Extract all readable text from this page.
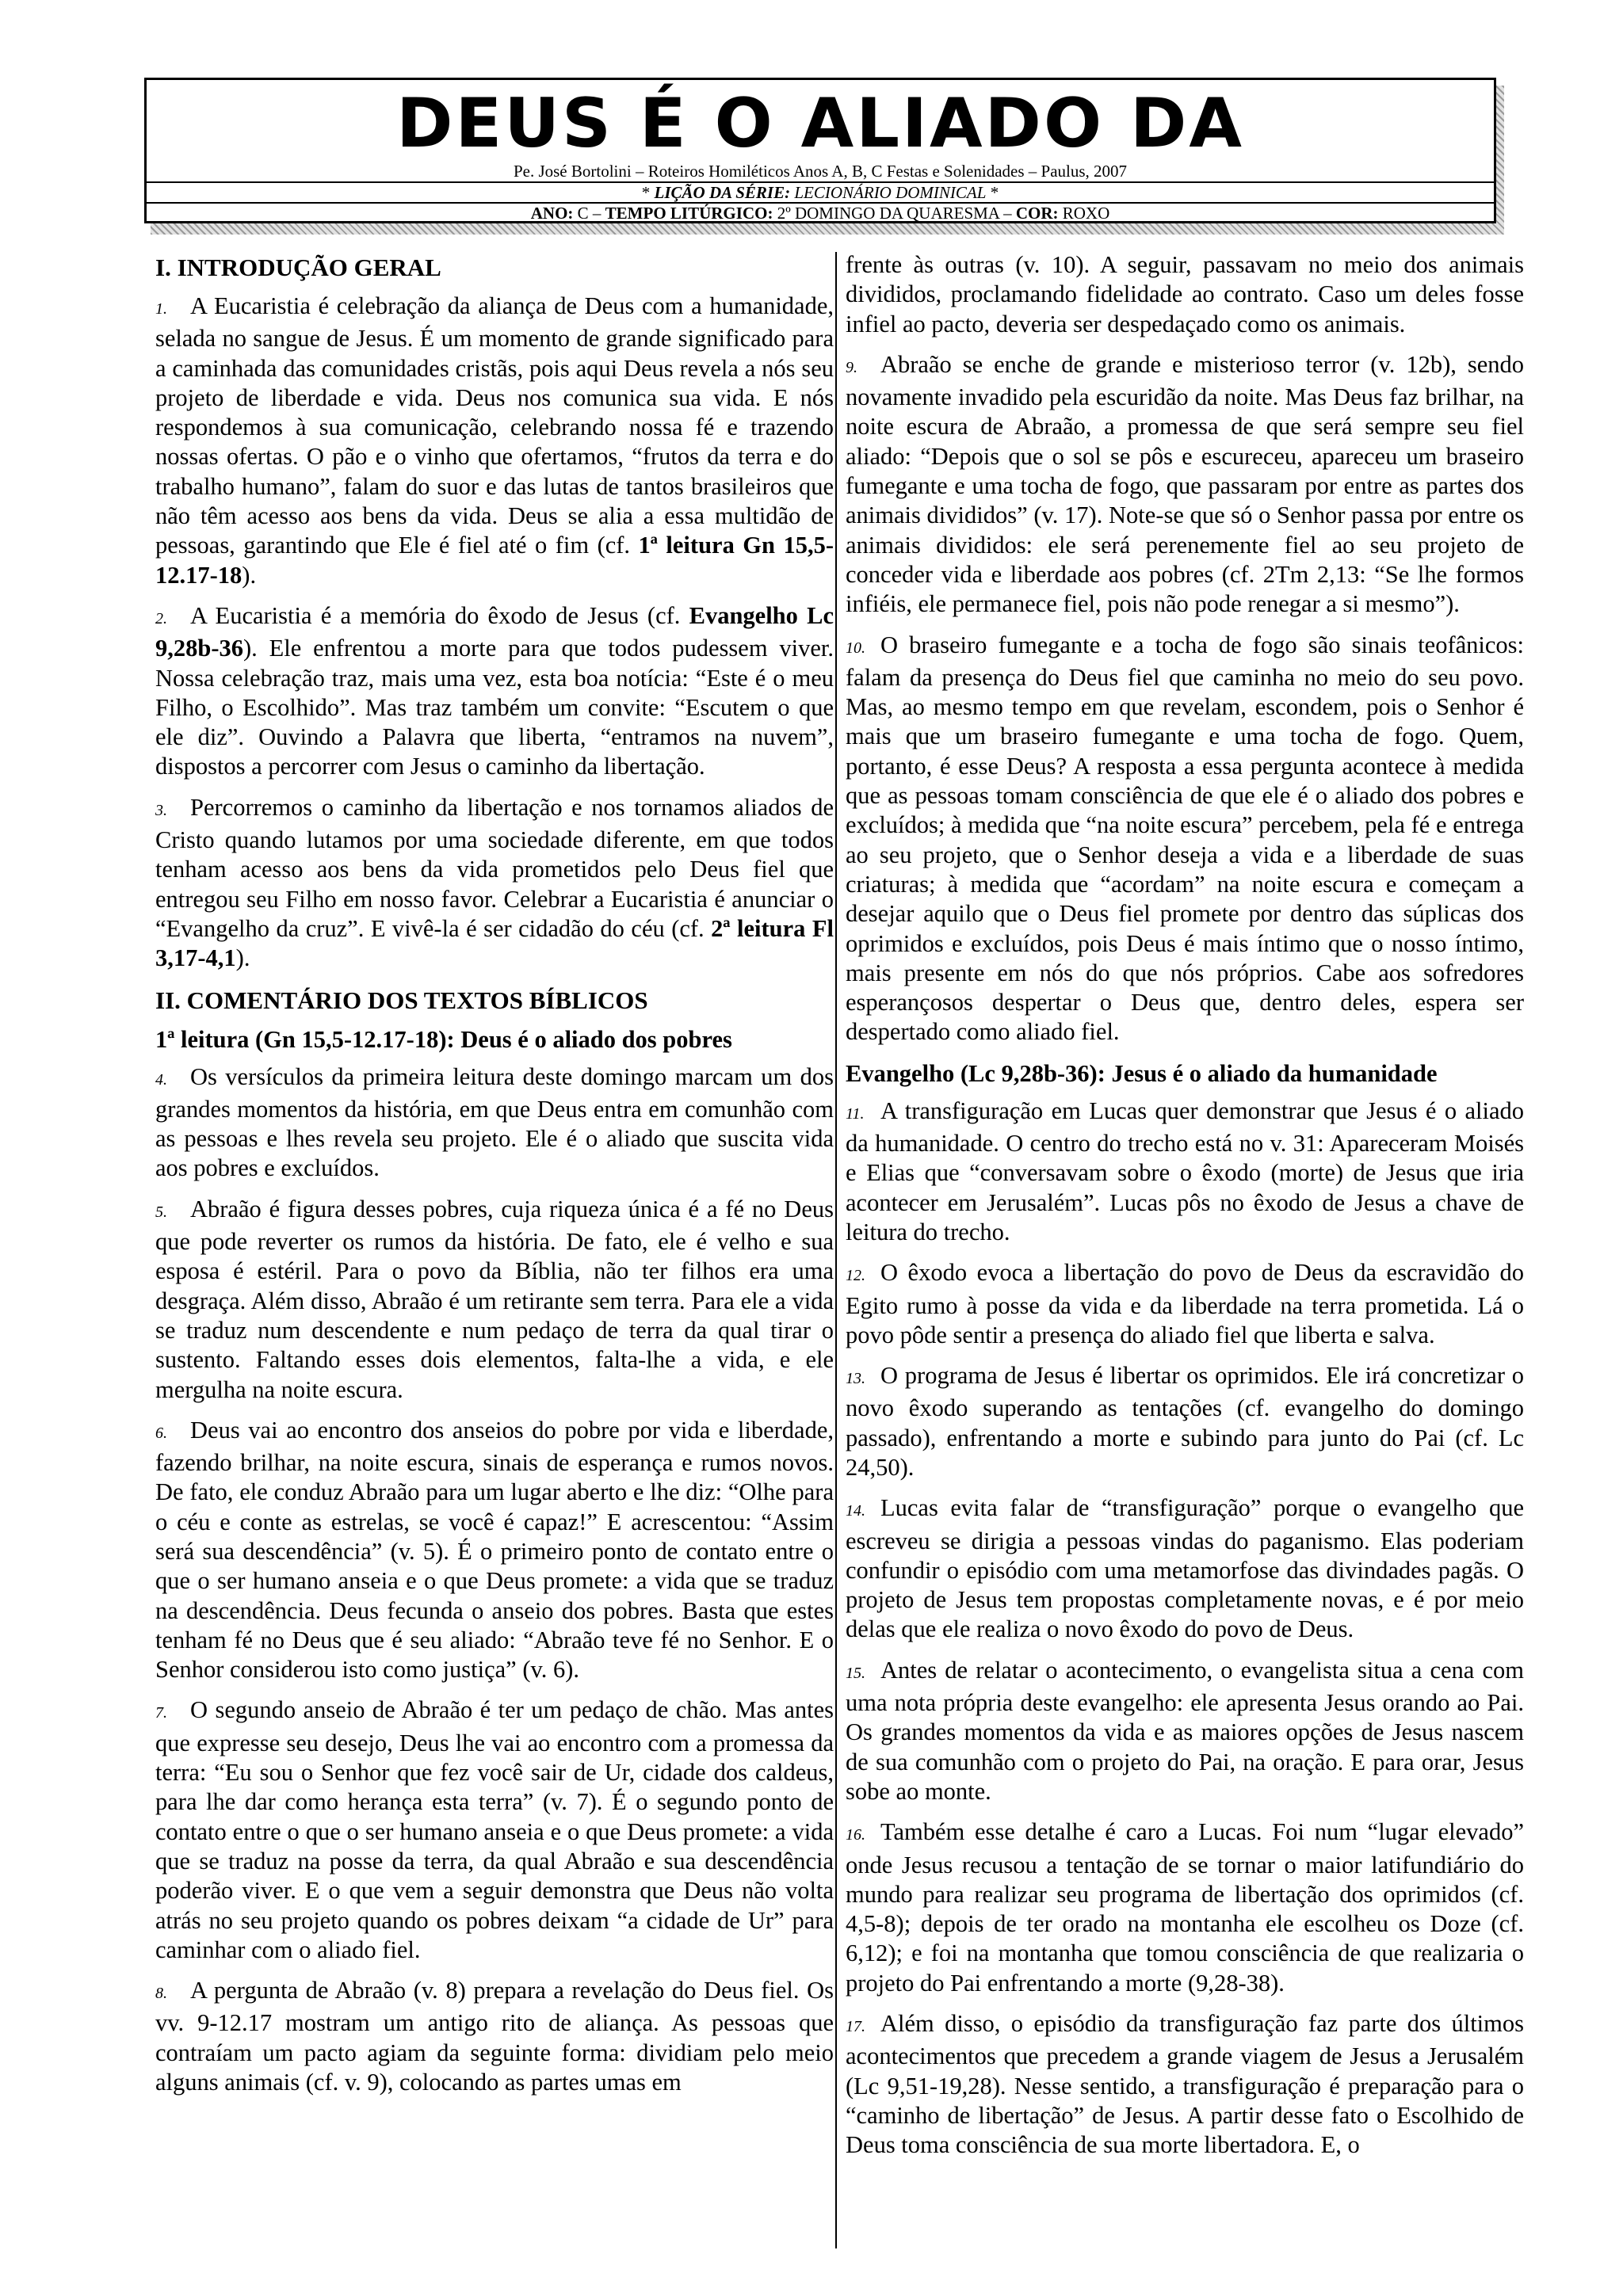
DEUS É O ALIADO DA
Pe. José Bortolini – Roteiros Homiléticos Anos A, B, C Festas e Solenidades – Paulus, 2007
* LIÇÃO DA SÉRIE: LECIONÁRIO DOMINICAL *
ANO: C – TEMPO LITÚRGICO: 2º DOMINGO DA QUARESMA – COR: ROXO
I. INTRODUÇÃO GERAL

1. A Eucaristia é celebração da aliança de Deus com a humanidade, selada no sangue de Jesus. É um momento de grande significado para a caminhada das comunidades cristãs, pois aqui Deus revela a nós seu projeto de liberdade e vida. Deus nos comunica sua vida. E nós respondemos à sua comunicação, celebrando nossa fé e trazendo nossas ofertas. O pão e o vinho que ofertamos, “frutos da terra e do trabalho humano”, falam do suor e das lutas de tantos brasileiros que não têm acesso aos bens da vida. Deus se alia a essa multidão de pessoas, garantindo que Ele é fiel até o fim (cf. 1ª leitura Gn 15,5-12.17-18).

2. A Eucaristia é a memória do êxodo de Jesus (cf. Evangelho Lc 9,28b-36). Ele enfrentou a morte para que todos pudessem viver. Nossa celebração traz, mais uma vez, esta boa notícia: “Este é o meu Filho, o Escolhido”. Mas traz também um convite: “Escutem o que ele diz”. Ouvindo a Palavra que liberta, “entramos na nuvem”, dispostos a percorrer com Jesus o caminho da libertação.

3. Percorremos o caminho da libertação e nos tornamos aliados de Cristo quando lutamos por uma sociedade diferente, em que todos tenham acesso aos bens da vida prometidos pelo Deus fiel que entregou seu Filho em nosso favor. Celebrar a Eucaristia é anunciar o “Evangelho da cruz”. E vivê-la é ser cidadão do céu (cf. 2ª leitura Fl 3,17-4,1).

II. COMENTÁRIO DOS TEXTOS BÍBLICOS
1ª leitura (Gn 15,5-12.17-18): Deus é o aliado dos pobres

4. Os versículos da primeira leitura deste domingo marcam um dos grandes momentos da história, em que Deus entra em comunhão com as pessoas e lhes revela seu projeto. Ele é o aliado que suscita vida aos pobres e excluídos.

5. Abraão é figura desses pobres, cuja riqueza única é a fé no Deus que pode reverter os rumos da história. De fato, ele é velho e sua esposa é estéril. Para o povo da Bíblia, não ter filhos era uma desgraça. Além disso, Abraão é um retirante sem terra. Para ele a vida se traduz num descendente e num pedaço de terra da qual tirar o sustento. Faltando esses dois elementos, falta-lhe a vida, e ele mergulha na noite escura.

6. Deus vai ao encontro dos anseios do pobre por vida e liberdade, fazendo brilhar, na noite escura, sinais de esperança e rumos novos. De fato, ele conduz Abraão para um lugar aberto e lhe diz: “Olhe para o céu e conte as estrelas, se você é capaz!” E acrescentou: “Assim será sua descendência” (v. 5). É o primeiro ponto de contato entre o que o ser humano anseia e o que Deus promete: a vida que se traduz na descendência. Deus fecunda o anseio dos pobres. Basta que estes tenham fé no Deus que é seu aliado: “Abraão teve fé no Senhor. E o Senhor considerou isto como justiça” (v. 6).

7. O segundo anseio de Abraão é ter um pedaço de chão. Mas antes que expresse seu desejo, Deus lhe vai ao encontro com a promessa da terra: “Eu sou o Senhor que fez você sair de Ur, cidade dos caldeus, para lhe dar como herança esta terra” (v. 7). É o segundo ponto de contato entre o que o ser humano anseia e o que Deus promete: a vida que se traduz na posse da terra, da qual Abraão e sua descendência poderão viver. E o que vem a seguir demonstra que Deus não volta atrás no seu projeto quando os pobres deixam “a cidade de Ur” para caminhar com o aliado fiel.

8. A pergunta de Abraão (v. 8) prepara a revelação do Deus fiel. Os vv. 9-12.17 mostram um antigo rito de aliança. As pessoas que contraíam um pacto agiam da seguinte forma: dividiam pelo meio alguns animais (cf. v. 9), colocando as partes umas em

frente às outras (v. 10). A seguir, passavam no meio dos animais divididos, proclamando fidelidade ao contrato. Caso um deles fosse infiel ao pacto, deveria ser despedaçado como os animais.

9. Abraão se enche de grande e misterioso terror (v. 12b), sendo novamente invadido pela escuridão da noite. Mas Deus faz brilhar, na noite escura de Abraão, a promessa de que será sempre seu fiel aliado: “Depois que o sol se pôs e escureceu, apareceu um braseiro fumegante e uma tocha de fogo, que passaram por entre as partes dos animais divididos” (v. 17). Note-se que só o Senhor passa por entre os animais divididos: ele será perenemente fiel ao seu projeto de conceder vida e liberdade aos pobres (cf. 2Tm 2,13: “Se lhe formos infiéis, ele permanece fiel, pois não pode renegar a si mesmo”).

10. O braseiro fumegante e a tocha de fogo são sinais teofânicos: falam da presença do Deus fiel que caminha no meio do seu povo. Mas, ao mesmo tempo em que revelam, escondem, pois o Senhor é mais que um braseiro fumegante e uma tocha de fogo. Quem, portanto, é esse Deus? A resposta a essa pergunta acontece à medida que as pessoas tomam consciência de que ele é o aliado dos pobres e excluídos; à medida que “na noite escura” percebem, pela fé e entrega ao seu projeto, que o Senhor deseja a vida e a liberdade de suas criaturas; à medida que “acordam” na noite escura e começam a desejar aquilo que o Deus fiel promete por dentro das súplicas dos oprimidos e excluídos, pois Deus é mais íntimo que o nosso íntimo, mais presente em nós do que nós próprios. Cabe aos sofredores esperançosos despertar o Deus que, dentro deles, espera ser despertado como aliado fiel.

Evangelho (Lc 9,28b-36): Jesus é o aliado da humanidade

11. A transfiguração em Lucas quer demonstrar que Jesus é o aliado da humanidade. O centro do trecho está no v. 31: Apareceram Moisés e Elias que “conversavam sobre o êxodo (morte) de Jesus que iria acontecer em Jerusalém”. Lucas pôs no êxodo de Jesus a chave de leitura do trecho.

12. O êxodo evoca a libertação do povo de Deus da escravidão do Egito rumo à posse da vida e da liberdade na terra prometida. Lá o povo pôde sentir a presença do aliado fiel que liberta e salva.

13. O programa de Jesus é libertar os oprimidos. Ele irá concretizar o novo êxodo superando as tentações (cf. evangelho do domingo passado), enfrentando a morte e subindo para junto do Pai (cf. Lc 24,50).

14. Lucas evita falar de “transfiguração” porque o evangelho que escreveu se dirigia a pessoas vindas do paganismo. Elas poderiam confundir o episódio com uma metamorfose das divindades pagãs. O projeto de Jesus tem propostas completamente novas, e é por meio delas que ele realiza o novo êxodo do povo de Deus.

15. Antes de relatar o acontecimento, o evangelista situa a cena com uma nota própria deste evangelho: ele apresenta Jesus orando ao Pai. Os grandes momentos da vida e as maiores opções de Jesus nascem de sua comunhão com o projeto do Pai, na oração. E para orar, Jesus sobe ao monte.

16. Também esse detalhe é caro a Lucas. Foi num “lugar elevado” onde Jesus recusou a tentação de se tornar o maior latifundiário do mundo para realizar seu programa de libertação dos oprimidos (cf. 4,5-8); depois de ter orado na montanha ele escolheu os Doze (cf. 6,12); e foi na montanha que tomou consciência de que realizaria o projeto do Pai enfrentando a morte (9,28-38).

17. Além disso, o episódio da transfiguração faz parte dos últimos acontecimentos que precedem a grande viagem de Jesus a Jerusalém (Lc 9,51-19,28). Nesse sentido, a transfiguração é preparação para o “caminho de libertação” de Jesus. A partir desse fato o Escolhido de Deus toma consciência de sua morte libertadora. E, o
